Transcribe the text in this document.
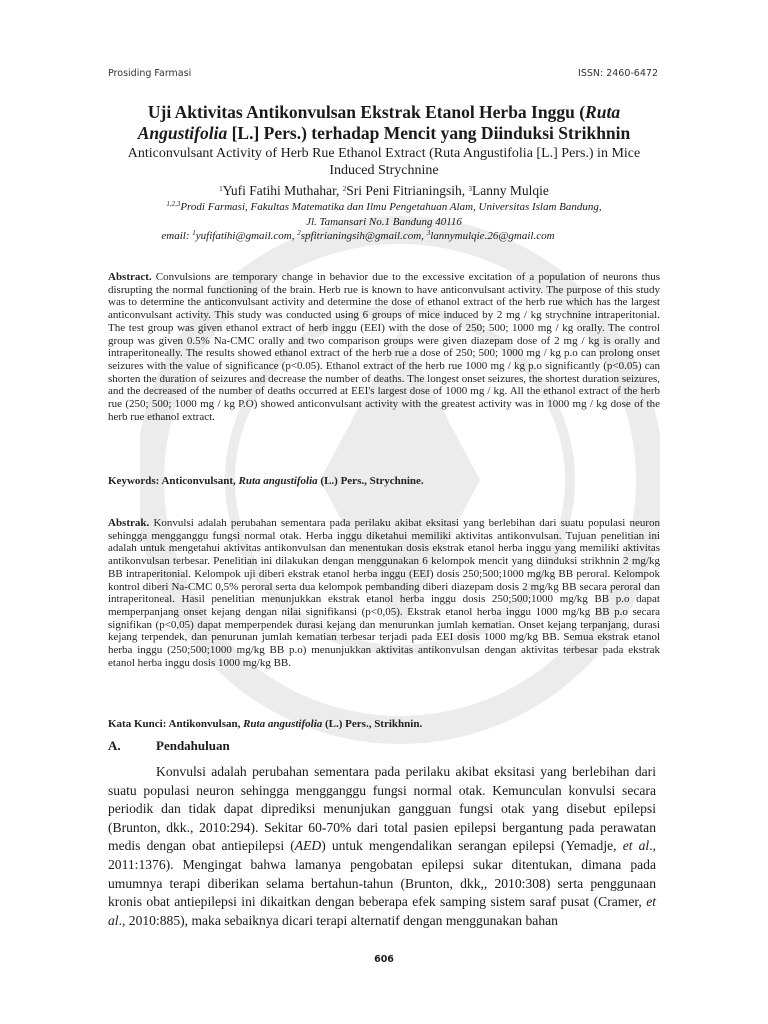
Prosiding Farmasi	ISSN: 2460-6472
Uji Aktivitas Antikonvulsan Ekstrak Etanol Herba Inggu (Ruta Angustifolia [L.] Pers.) terhadap Mencit yang Diinduksi Strikhnin
Anticonvulsant Activity of Herb Rue Ethanol Extract (Ruta Angustifolia [L.] Pers.) in Mice Induced Strychnine
$^1$Yufi Fatihi Muthahar, $^2$Sri Peni Fitrianingsih, $^3$Lanny Mulqie
$^{1,2,3}$Prodi Farmasi, Fakultas Matematika dan Ilmu Pengetahuan Alam, Universitas Islam Bandung,
Jl. Tamansari No.1 Bandung 40116
email: $^1$yufifatihi@gmail.com, $^2$spfitrianingsih@gmail.com, $^3$lannymulqie.26@gmail.com
Abstract. Convulsions are temporary change in behavior due to the excessive excitation of a population of neurons thus disrupting the normal functioning of the brain. Herb rue is known to have anticonvulsant activity. The purpose of this study was to determine the anticonvulsant activity and determine the dose of ethanol extract of the herb rue which has the largest anticonvulsant activity. This study was conducted using 6 groups of mice induced by 2 mg / kg strychnine intraperitonial. The test group was given ethanol extract of herb inggu (EEI) with the dose of 250; 500; 1000 mg / kg orally. The control group was given 0.5% Na-CMC orally and two comparison groups were given diazepam dose of 2 mg / kg is orally and intraperitoneally. The results showed ethanol extract of the herb rue a dose of 250; 500; 1000 mg / kg p.o can prolong onset seizures with the value of significance (p<0.05). Ethanol extract of the herb rue 1000 mg / kg p.o significantly (p<0.05) can shorten the duration of seizures and decrease the number of deaths. The longest onset seizures, the shortest duration seizures, and the decreased of the number of deaths occurred at EEI's largest dose of 1000 mg / kg. All the ethanol extract of the herb rue (250; 500; 1000 mg / kg P.O) showed anticonvulsant activity with the greatest activity was in 1000 mg / kg dose of the herb rue ethanol extract.
Keywords: Anticonvulsant, Ruta angustifolia (L.) Pers., Strychnine.
Abstrak. Konvulsi adalah perubahan sementara pada perilaku akibat eksitasi yang berlebihan dari suatu populasi neuron sehingga mengganggu fungsi normal otak. Herba inggu diketahui memiliki aktivitas antikonvulsan. Tujuan penelitian ini adalah untuk mengetahui aktivitas antikonvulsan dan menentukan dosis ekstrak etanol herba inggu yang memiliki aktivitas antikonvulsan terbesar. Penelitian ini dilakukan dengan menggunakan 6 kelompok mencit yang diinduksi strikhnin 2 mg/kg BB intraperitonial. Kelompok uji diberi ekstrak etanol herba inggu (EEI) dosis 250;500;1000 mg/kg BB peroral. Kelompok kontrol diberi Na-CMC 0,5% peroral serta dua kelompok pembanding diberi diazepam dosis 2 mg/kg BB secara peroral dan intraperitoneal. Hasil penelitian menunjukkan ekstrak etanol herba inggu dosis 250;500;1000 mg/kg BB p.o dapat memperpanjang onset kejang dengan nilai signifikansi (p<0,05). Ekstrak etanol herba inggu 1000 mg/kg BB p.o secara signifikan (p<0,05) dapat memperpendek durasi kejang dan menurunkan jumlah kematian. Onset kejang terpanjang, durasi kejang terpendek, dan penurunan jumlah kematian terbesar terjadi pada EEI dosis 1000 mg/kg BB. Semua ekstrak etanol herba inggu (250;500;1000 mg/kg BB p.o) menunjukkan aktivitas antikonvulsan dengan aktivitas terbesar pada ekstrak etanol herba inggu dosis 1000 mg/kg BB.
Kata Kunci: Antikonvulsan, Ruta angustifolia (L.) Pers., Strikhnin.
A.	Pendahuluan
Konvulsi adalah perubahan sementara pada perilaku akibat eksitasi yang berlebihan dari suatu populasi neuron sehingga mengganggu fungsi normal otak. Kemunculan konvulsi secara periodik dan tidak dapat diprediksi menunjukan gangguan fungsi otak yang disebut epilepsi (Brunton, dkk., 2010:294). Sekitar 60-70% dari total pasien epilepsi bergantung pada perawatan medis dengan obat antiepilepsi (AED) untuk mengendalikan serangan epilepsi (Yemadje, et al., 2011:1376). Mengingat bahwa lamanya pengobatan epilepsi sukar ditentukan, dimana pada umumnya terapi diberikan selama bertahun-tahun (Brunton, dkk,, 2010:308) serta penggunaan kronis obat antiepilepsi ini dikaitkan dengan beberapa efek samping sistem saraf pusat (Cramer, et al., 2010:885), maka sebaiknya dicari terapi alternatif dengan menggunakan bahan
606
